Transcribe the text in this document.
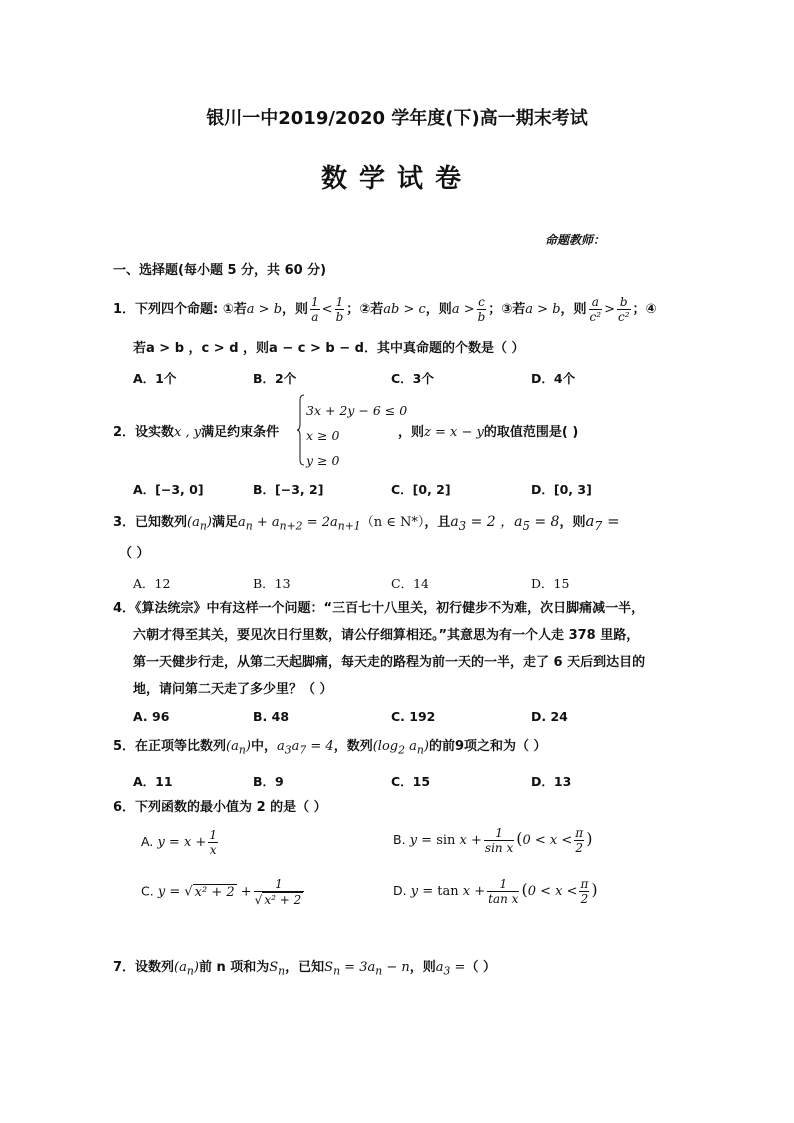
银川一中2019/2020 学年度(下)高一期末考试
数学试卷
命题教师：
一、选择题(每小题 5 分，共 60 分)
1．下列四个命题: ①若a > b，则 $\frac{1}{a} < \frac{1}{b}$ ；②若ab > c，则$a > \frac{c}{b}$ ；③若a > b，则 $\frac{a}{\text{c²}} > \frac{b}{\text{c²}}$ ；④
若a > b ，c > d ，则a − c > b − d．其中真命题的个数是（ ）
A．1个	B．2个	C．3个	D．4个
2．设实数x , y满足约束条件
3x + 2y − 6 ≤ 0
x ≥ 0
y ≥ 0
，则z = x − y的取值范围是( )
A．[−3, 0]	B．[−3, 2]	C．[0, 2]	D．[0, 3]
3．已知数列$(a_n)$满足$a_n + a_{n+2} = 2a_{n+1}(n$ ∈ N*），且$a_3 = 2$ ，$a_5 = 8$，则$a_7$ =
（ ）
A．12	B．13	C．14	D．15
4．《算法统宗》中有这样一个问题：“三百七十八里关，初行健步不为难，次日脚痛减一半，
六朝才得至其关，要见次日行里数，请公仔细算相还。”其意思为有一个人走 378 里路，
第一天健步行走，从第二天起脚痛，每天走的路程为前一天的一半，走了 6 天后到达目的
地，请问第二天走了多少里？（ ）
A. 96	B. 48	C. 192	D. 24
5．在正项等比数列$(a_n)$中，$a_3a_7 = 4$，数列($\log_2$ $a_n$)的前9项之和为（ ）
A．11	B．9	C．15	D．13
6．下列函数的最小值为 2 的是（ ）
A. $y = x + \frac{1}{x}$	B. $y = \sin x + \frac{1}{\text{sin x}} (0 < x < \frac{\pi}{2}$ )
C. y = √ $x^2 + 2 + \frac{1}{\text{√ x² + 2}}$	D. $y = \tan x + \frac{1}{\text{tan x}} (0 < x < \frac{\pi}{2}$ )
7．设数列$(a_n)$前 n 项和为$S_n$，已知$S_n = 3a_n - n$，则$a_3$ =（ ）
